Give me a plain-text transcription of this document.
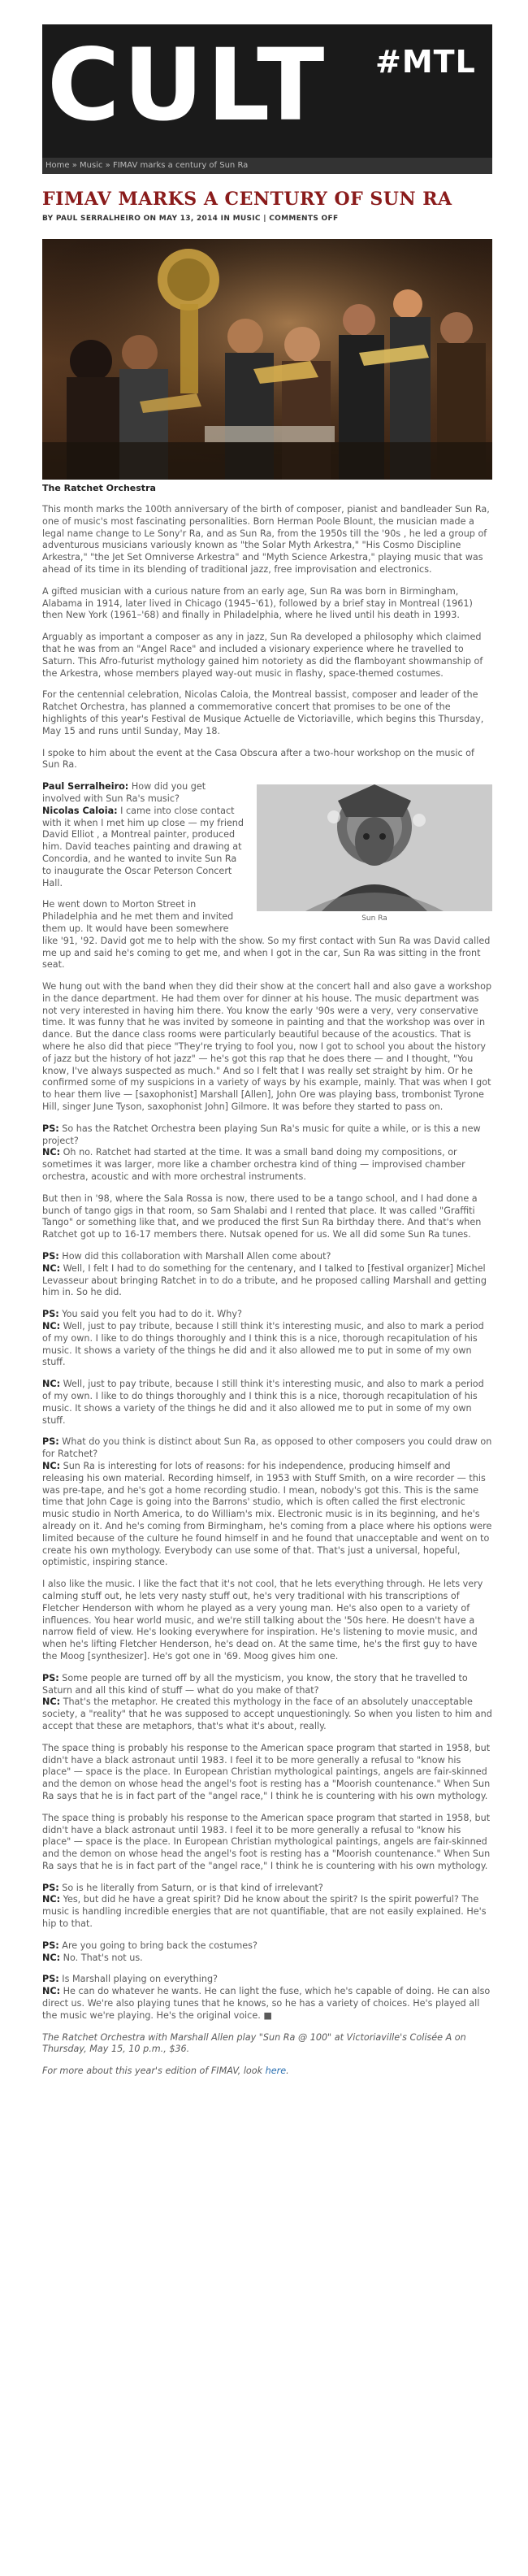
CULT #MTL
Home » Music » FIMAV marks a century of Sun Ra
FIMAV MARKS A CENTURY OF SUN RA
BY PAUL SERRALHEIRO ON MAY 13, 2014 IN MUSIC | COMMENTS OFF
The Ratchet Orchestra

This month marks the 100th anniversary of the birth of composer, pianist and bandleader Sun Ra, one of music's most fascinating personalities. Born Herman Poole Blount, the musician made a legal name change to Le Sony'r Ra, and as Sun Ra, from the 1950s till the '90s , he led a group of adventurous musicians variously known as "the Solar Myth Arkestra," "His Cosmo Discipline Arkestra," "the Jet Set Omniverse Arkestra" and "Myth Science Arkestra," playing music that was ahead of its time in its blending of traditional jazz, free improvisation and electronics.

A gifted musician with a curious nature from an early age, Sun Ra was born in Birmingham, Alabama in 1914, later lived in Chicago (1945–'61), followed by a brief stay in Montreal (1961) then New York (1961–'68) and finally in Philadelphia, where he lived until his death in 1993.

Arguably as important a composer as any in jazz, Sun Ra developed a philosophy which claimed that he was from an "Angel Race" and included a visionary experience where he travelled to Saturn. This Afro-futurist mythology gained him notoriety as did the flamboyant showmanship of the Arkestra, whose members played way-out music in flashy, space-themed costumes.

For the centennial celebration, Nicolas Caloia, the Montreal bassist, composer and leader of the Ratchet Orchestra, has planned a commemorative concert that promises to be one of the highlights of this year's Festival de Musique Actuelle de Victoriaville, which begins this Thursday, May 15 and runs until Sunday, May 18.

I spoke to him about the event at the Casa Obscura after a two-hour workshop on the music of Sun Ra.

Sun Ra

Paul Serralheiro: How did you get involved with Sun Ra's music?
Nicolas Caloia: I came into close contact with it when I met him up close — my friend David Elliot , a Montreal painter, produced him. David teaches painting and drawing at Concordia, and he wanted to invite Sun Ra to inaugurate the Oscar Peterson Concert Hall.

He went down to Morton Street in Philadelphia and he met them and invited them up. It would have been somewhere like '91, '92. David got me to help with the show. So my first contact with Sun Ra was David called me up and said he's coming to get me, and when I got in the car, Sun Ra was sitting in the front seat.

We hung out with the band when they did their show at the concert hall and also gave a workshop in the dance department. He had them over for dinner at his house. The music department was not very interested in having him there. You know the early '90s were a very, very conservative time. It was funny that he was invited by someone in painting and that the workshop was over in dance. But the dance class rooms were particularly beautiful because of the acoustics. That is where he also did that piece "They're trying to fool you, now I got to school you about the history of jazz but the history of hot jazz" — he's got this rap that he does there — and I thought, "You know, I've always suspected as much." And so I felt that I was really set straight by him. Or he confirmed some of my suspicions in a variety of ways by his example, mainly. That was when I got to hear them live — [saxophonist] Marshall [Allen], John Ore was playing bass, trombonist Tyrone Hill, singer June Tyson, saxophonist John] Gilmore. It was before they started to pass on.

PS: So has the Ratchet Orchestra been playing Sun Ra's music for quite a while, or is this a new project?
NC: Oh no. Ratchet had started at the time. It was a small band doing my compositions, or sometimes it was larger, more like a chamber orchestra kind of thing — improvised chamber orchestra, acoustic and with more orchestral instruments.

But then in '98, where the Sala Rossa is now, there used to be a tango school, and I had done a bunch of tango gigs in that room, so Sam Shalabi and I rented that place. It was called "Graffiti Tango" or something like that, and we produced the first Sun Ra birthday there. And that's when Ratchet got up to 16-17 members there. Nutsak opened for us. We all did some Sun Ra tunes.

PS: How did this collaboration with Marshall Allen come about?
NC: Well, I felt I had to do something for the centenary, and I talked to [festival organizer] Michel Levasseur about bringing Ratchet in to do a tribute, and he proposed calling Marshall and getting him in. So he did.

PS: You said you felt you had to do it. Why?
NC: Well, just to pay tribute, because I still think it's interesting music, and also to mark a period of my own. I like to do things thoroughly and I think this is a nice, thorough recapitulation of his music. It shows a variety of the things he did and it also allowed me to put in some of my own stuff.

NC: Well, just to pay tribute, because I still think it's interesting music, and also to mark a period of my own. I like to do things thoroughly and I think this is a nice, thorough recapitulation of his music. It shows a variety of the things he did and it also allowed me to put in some of my own stuff.

PS: What do you think is distinct about Sun Ra, as opposed to other composers you could draw on for Ratchet?
NC: Sun Ra is interesting for lots of reasons: for his independence, producing himself and releasing his own material. Recording himself, in 1953 with Stuff Smith, on a wire recorder — this was pre-tape, and he's got a home recording studio. I mean, nobody's got this. This is the same time that John Cage is going into the Barrons' studio, which is often called the first electronic music studio in North America, to do William's mix. Electronic music is in its beginning, and he's already on it. And he's coming from Birmingham, he's coming from a place where his options were limited because of the culture he found himself in and he found that unacceptable and went on to create his own mythology. Everybody can use some of that. That's just a universal, hopeful, optimistic, inspiring stance.

I also like the music. I like the fact that it's not cool, that he lets everything through. He lets very calming stuff out, he lets very nasty stuff out, he's very traditional with his transcriptions of Fletcher Henderson with whom he played as a very young man. He's also open to a variety of influences. You hear world music, and we're still talking about the '50s here. He doesn't have a narrow field of view. He's looking everywhere for inspiration. He's listening to movie music, and when he's lifting Fletcher Henderson, he's dead on. At the same time, he's the first guy to have the Moog [synthesizer]. He's got one in '69. Moog gives him one.

PS: Some people are turned off by all the mysticism, you know, the story that he travelled to Saturn and all this kind of stuff — what do you make of that?
NC: That's the metaphor. He created this mythology in the face of an absolutely unacceptable society, a "reality" that he was supposed to accept unquestioningly. So when you listen to him and accept that these are metaphors, that's what it's about, really.

The space thing is probably his response to the American space program that started in 1958, but didn't have a black astronaut until 1983. I feel it to be more generally a refusal to "know his place" — space is the place. In European Christian mythological paintings, angels are fair-skinned and the demon on whose head the angel's foot is resting has a "Moorish countenance." When Sun Ra says that he is in fact part of the "angel race," I think he is countering with his own mythology.

The space thing is probably his response to the American space program that started in 1958, but didn't have a black astronaut until 1983. I feel it to be more generally a refusal to "know his place" — space is the place. In European Christian mythological paintings, angels are fair-skinned and the demon on whose head the angel's foot is resting has a "Moorish countenance." When Sun Ra says that he is in fact part of the "angel race," I think he is countering with his own mythology.

PS: So is he literally from Saturn, or is that kind of irrelevant?
NC: Yes, but did he have a great spirit? Did he know about the spirit? Is the spirit powerful? The music is handling incredible energies that are not quantifiable, that are not easily explained. He's hip to that.

PS: Are you going to bring back the costumes?
NC: No. That's not us.

PS: Is Marshall playing on everything?
NC: He can do whatever he wants. He can light the fuse, which he's capable of doing. He can also direct us. We're also playing tunes that he knows, so he has a variety of choices. He's played all the music we're playing. He's the original voice. ■

The Ratchet Orchestra with Marshall Allen play "Sun Ra @ 100" at Victoriaville's Colisée A on Thursday, May 15, 10 p.m., $36.

For more about this year's edition of FIMAV, look here.
